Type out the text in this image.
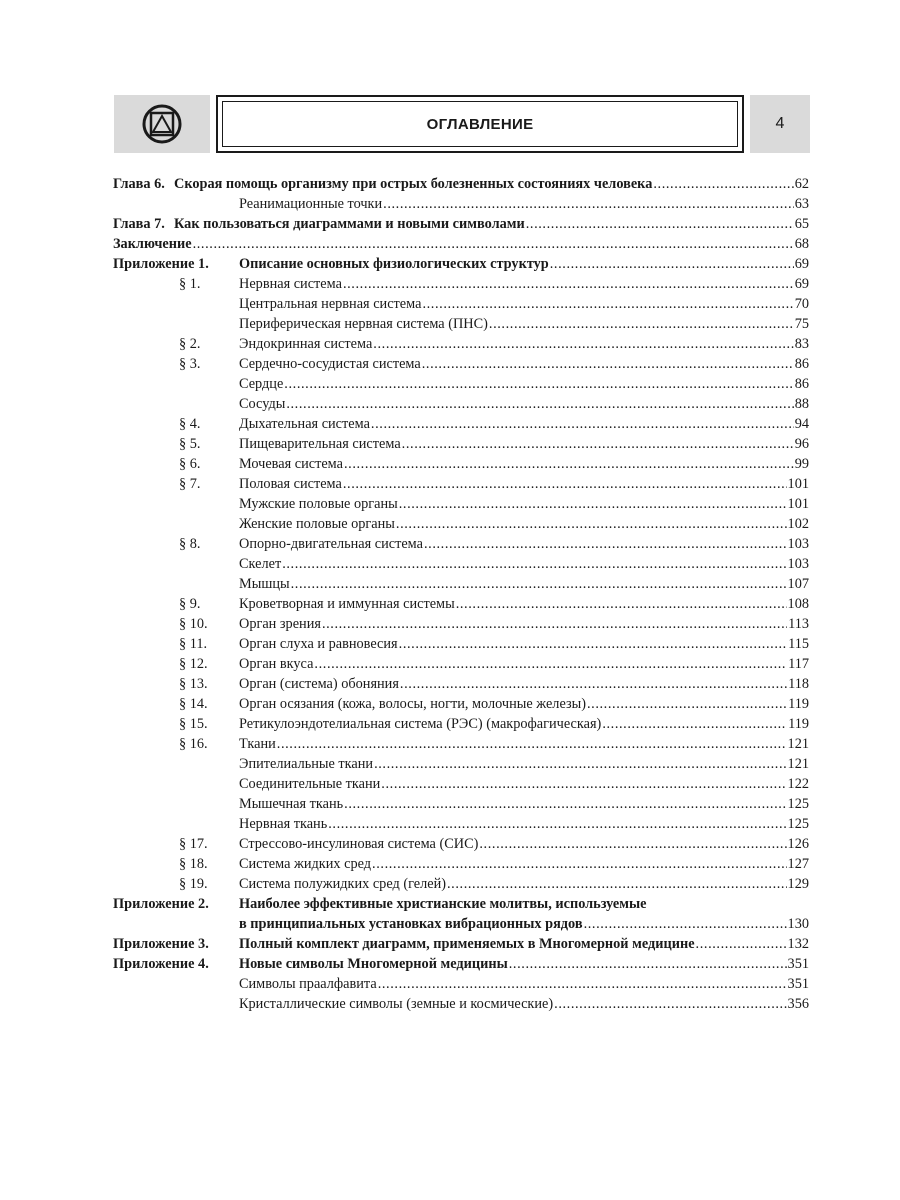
ОГЛАВЛЕНИЕ	4
Глава 6. Скорая помощь организму при острых болезненных состояниях человека .....	62
Реанимационные точки .....	63
Глава 7. Как пользоваться диаграммами и новыми символами .....	65
Заключение .....	68
Приложение 1. Описание основных физиологических структур .....	69
§ 1.	Нервная система .....	69
Центральная нервная система .....	70
Периферическая нервная система (ПНС) .....	75
§ 2.	Эндокринная система .....	83
§ 3.	Сердечно-сосудистая система .....	86
Сердце .....	86
Сосуды .....	88
§ 4.	Дыхательная система .....	94
§ 5.	Пищеварительная система .....	96
§ 6.	Мочевая система .....	99
§ 7.	Половая система .....	101
Мужские половые органы .....	101
Женские половые органы .....	102
§ 8.	Опорно-двигательная система .....	103
Скелет .....	103
Мышцы .....	107
§ 9.	Кроветворная и иммунная системы .....	108
§ 10. Орган зрения .....	113
§ 11. Орган слуха и равновесия .....	115
§ 12. Орган вкуса .....	117
§ 13. Орган (система) обоняния .....	118
§ 14. Орган осязания (кожа, волосы, ногти, молочные железы) .....	119
§ 15. Ретикулоэндотелиальная система (РЭС) (макрофагическая) .....	119
§ 16. Ткани .....	121
Эпителиальные ткани .....	121
Соединительные ткани .....	122
Мышечная ткань .....	125
Нервная ткань .....	125
§ 17. Стрессово-инсулиновая система (СИС) .....	126
§ 18. Система жидких сред .....	127
§ 19. Система полужидких сред (гелей) .....	129
Приложение 2. Наиболее эффективные христианские молитвы, используемые
в принципиальных установках вибрационных рядов .....	130
Приложение 3. Полный комплект диаграмм, применяемых в Многомерной медицине .....	132
Приложение 4. Новые символы Многомерной медицины .....	351
Символы праалфавита .....	351
Кристаллические символы (земные и космические) .....	356
